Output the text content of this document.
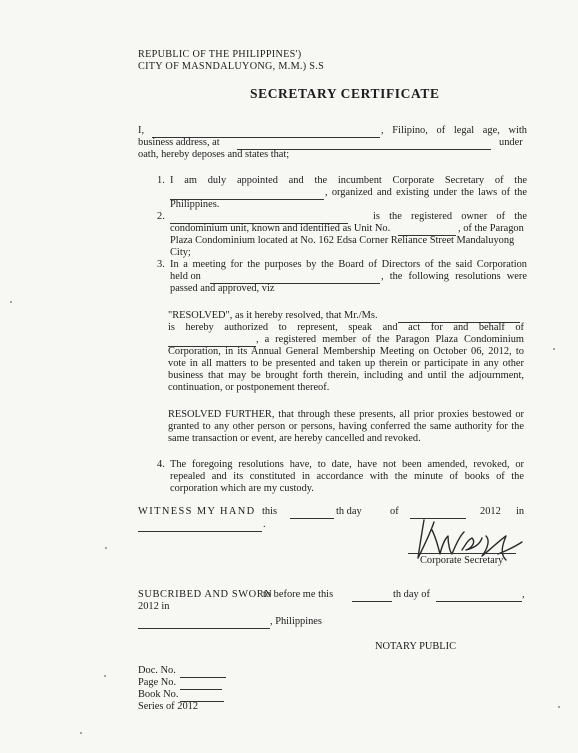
REPUBLIC OF THE PHILIPPINES')
CITY OF MASNDALUYONG, M.M.) S.S
SECRETARY CERTIFICATE
I,	, Filipino, of legal age, with
business address, at	under
oath, hereby deposes and states that;
1. I am duly appointed and the incumbent Corporate Secretary of the
, organized and existing under the laws of the
Philippines.
2.	is the registered owner of the
condominium unit, known and identified as Unit No.	, of the Paragon
Plaza Condominium located at No. 162 Edsa Corner Reliance Street Mandaluyong
City;
3. In a meeting for the purposes by the Board of Directors of the said Corporation
held on	, the following resolutions were
passed and approved, viz
"RESOLVED", as it hereby resolved, that Mr./Ms.
is hereby authorized to represent, speak and act for and behalf of
, a registered member of the Paragon Plaza Condominium
Corporation, in its Annual General Membership Meeting on October 06, 2012, to
vote in all matters to be presented and taken up therein or participate in any other
business that may be brought forth therein, including and until the adjournment,
continuation, or postponement thereof.
RESOLVED FURTHER, that through these presents, all prior proxies bestowed or
granted to any other person or persons, having conferred the same authority for the
same transaction or event, are hereby cancelled and revoked.
4. The foregoing resolutions have, to date, have not been amended, revoked, or
repealed and its constituted in accordance with the minute of books of the
corporation which are my custody.
WITNESS MY HAND this	th day	of	2012 in
.
Corporate Secretary
SUBCRIBED AND SWORN
to before me this	th day of	,
2012 in
, Philippines
NOTARY PUBLIC
Doc. No.
Page No.
Book No.
Series of 2012
